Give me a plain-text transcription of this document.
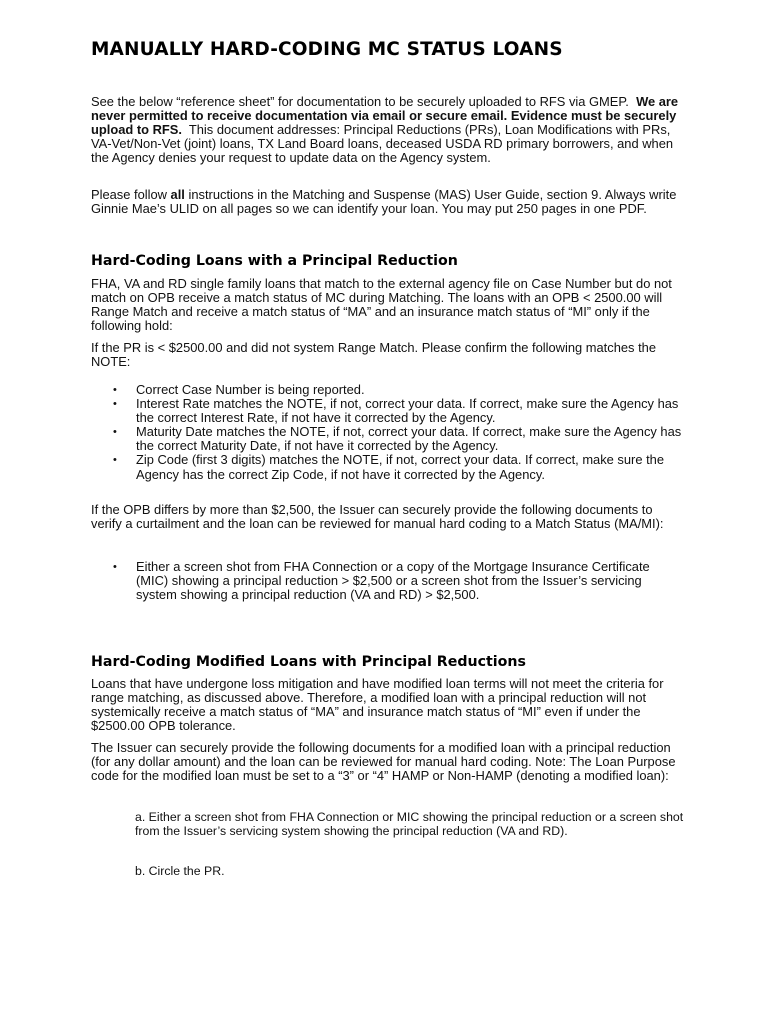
MANUALLY HARD-CODING MC STATUS LOANS

See the below “reference sheet” for documentation to be securely uploaded to RFS via GMEP. We are never permitted to receive documentation via email or secure email. Evidence must be securely upload to RFS. This document addresses: Principal Reductions (PRs), Loan Modifications with PRs, VA-Vet/Non-Vet (joint) loans, TX Land Board loans, deceased USDA RD primary borrowers, and when the Agency denies your request to update data on the Agency system.

Please follow all instructions in the Matching and Suspense (MAS) User Guide, section 9. Always write Ginnie Mae’s ULID on all pages so we can identify your loan. You may put 250 pages in one PDF.

Hard-Coding Loans with a Principal Reduction

FHA, VA and RD single family loans that match to the external agency file on Case Number but do not match on OPB receive a match status of MC during Matching. The loans with an OPB < 2500.00 will Range Match and receive a match status of “MA” and an insurance match status of “MI” only if the following hold:

If the PR is < $2500.00 and did not system Range Match. Please confirm the following matches the NOTE:

• Correct Case Number is being reported.
• Interest Rate matches the NOTE, if not, correct your data. If correct, make sure the Agency has the correct Interest Rate, if not have it corrected by the Agency.
• Maturity Date matches the NOTE, if not, correct your data. If correct, make sure the Agency has the correct Maturity Date, if not have it corrected by the Agency.
• Zip Code (first 3 digits) matches the NOTE, if not, correct your data. If correct, make sure the Agency has the correct Zip Code, if not have it corrected by the Agency.

If the OPB differs by more than $2,500, the Issuer can securely provide the following documents to verify a curtailment and the loan can be reviewed for manual hard coding to a Match Status (MA/MI):

• Either a screen shot from FHA Connection or a copy of the Mortgage Insurance Certificate (MIC) showing a principal reduction > $2,500 or a screen shot from the Issuer’s servicing system showing a principal reduction (VA and RD) > $2,500.
Hard-Coding Modified Loans with Principal Reductions

Loans that have undergone loss mitigation and have modified loan terms will not meet the criteria for range matching, as discussed above. Therefore, a modified loan with a principal reduction will not systemically receive a match status of “MA” and insurance match status of “MI” even if under the $2500.00 OPB tolerance.

The Issuer can securely provide the following documents for a modified loan with a principal reduction (for any dollar amount) and the loan can be reviewed for manual hard coding. Note: The Loan Purpose code for the modified loan must be set to a “3” or “4” HAMP or Non-HAMP (denoting a modified loan):

a. Either a screen shot from FHA Connection or MIC showing the principal reduction or a screen shot from the Issuer’s servicing system showing the principal reduction (VA and RD).

b. Circle the PR.
